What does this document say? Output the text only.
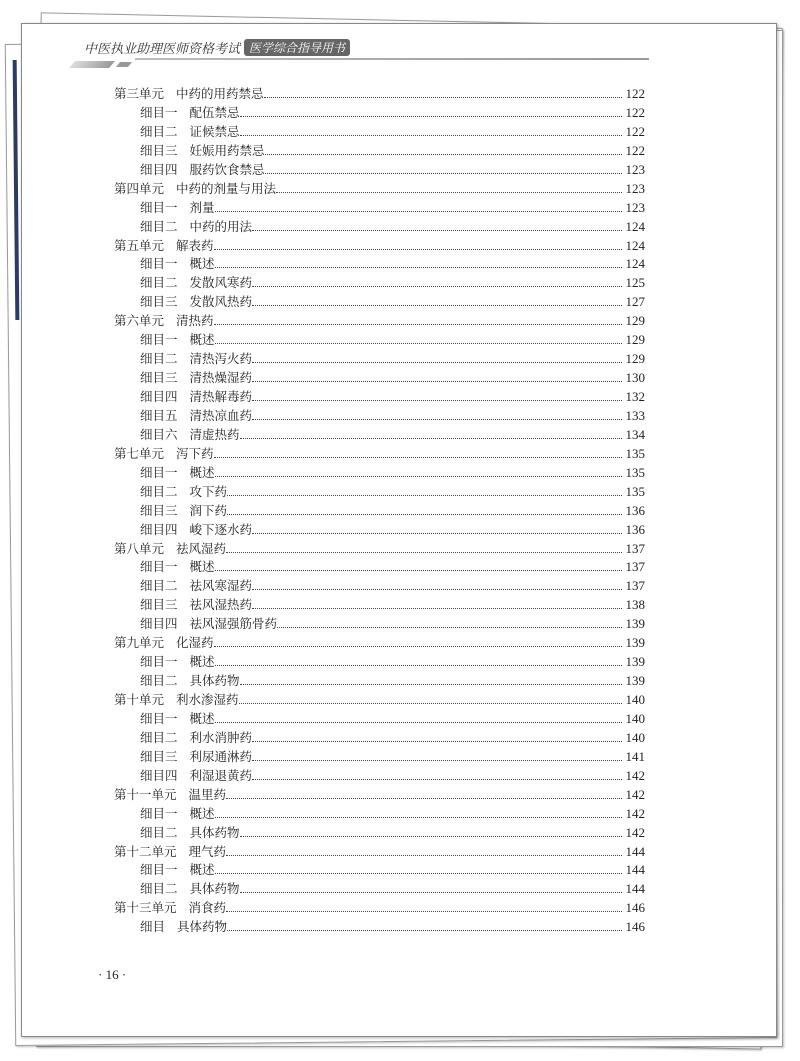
中医执业助理医师资格考试 医学综合指导用书
第三单元 中药的用药禁忌	122
细目一 配伍禁忌	122
细目二 证候禁忌	122
细目三 妊娠用药禁忌	122
细目四 服药饮食禁忌	123
第四单元 中药的剂量与用法	123
细目一 剂量	123
细目二 中药的用法	124
第五单元 解表药	124
细目一 概述	124
细目二 发散风寒药	125
细目三 发散风热药	127
第六单元 清热药	129
细目一 概述	129
细目二 清热泻火药	129
细目三 清热燥湿药	130
细目四 清热解毒药	132
细目五 清热凉血药	133
细目六 清虚热药	134
第七单元 泻下药	135
细目一 概述	135
细目二 攻下药	135
细目三 润下药	136
细目四 峻下逐水药	136
第八单元 祛风湿药	137
细目一 概述	137
细目二 祛风寒湿药	137
细目三 祛风湿热药	138
细目四 祛风湿强筋骨药	139
第九单元 化湿药	139
细目一 概述	139
细目二 具体药物	139
第十单元 利水渗湿药	140
细目一 概述	140
细目二 利水消肿药	140
细目三 利尿通淋药	141
细目四 利湿退黄药	142
第十一单元 温里药	142
细目一 概述	142
细目二 具体药物	142
第十二单元 理气药	144
细目一 概述	144
细目二 具体药物	144
第十三单元 消食药	146
细目 具体药物	146
· 16 ·
